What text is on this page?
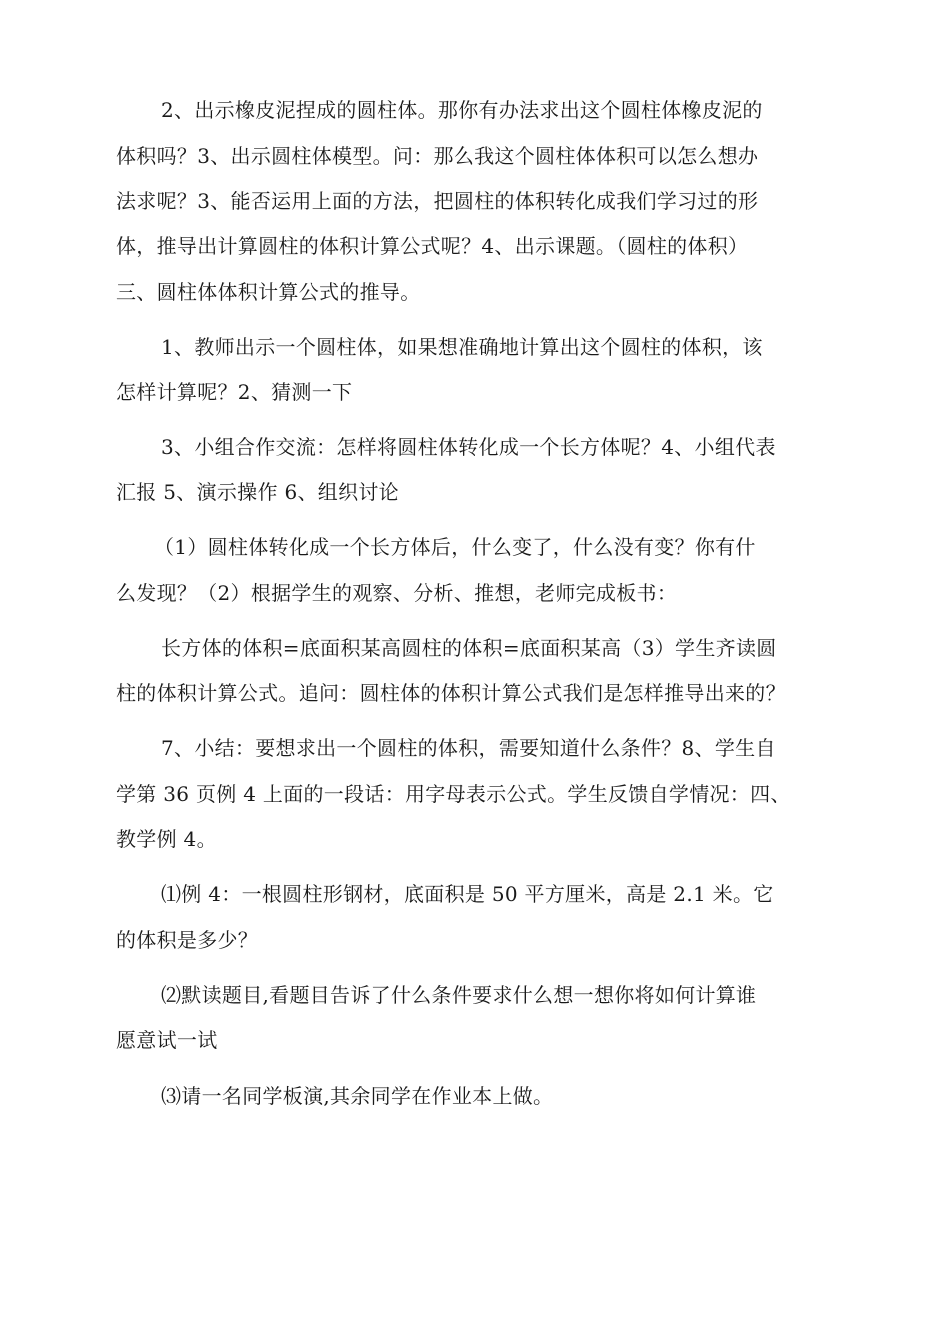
2、出示橡皮泥捏成的圆柱体。那你有办法求出这个圆柱体橡皮泥的
体积吗？3、出示圆柱体模型。问：那么我这个圆柱体体积可以怎么想办
法求呢？3、能否运用上面的方法，把圆柱的体积转化成我们学习过的形
体，推导出计算圆柱的体积计算公式呢？4、出示课题。（圆柱的体积）
三、圆柱体体积计算公式的推导。
1、教师出示一个圆柱体，如果想准确地计算出这个圆柱的体积，该
怎样计算呢？2、猜测一下
3、小组合作交流：怎样将圆柱体转化成一个长方体呢？4、小组代表
汇报 5、演示操作 6、组织讨论
（1）圆柱体转化成一个长方体后，什么变了，什么没有变？你有什
么发现？（2）根据学生的观察、分析、推想，老师完成板书：
长方体的体积=底面积某高圆柱的体积=底面积某高（3）学生齐读圆
柱的体积计算公式。追问：圆柱体的体积计算公式我们是怎样推导出来的？
7、小结：要想求出一个圆柱的体积，需要知道什么条件？8、学生自
学第 36 页例 4 上面的一段话：用字母表示公式。学生反馈自学情况：四、
教学例 4。
⑴例 4：一根圆柱形钢材，底面积是 50 平方厘米，高是 2.1 米。它
的体积是多少？
⑵默读题目,看题目告诉了什么条件要求什么想一想你将如何计算谁
愿意试一试
⑶请一名同学板演,其余同学在作业本上做。
